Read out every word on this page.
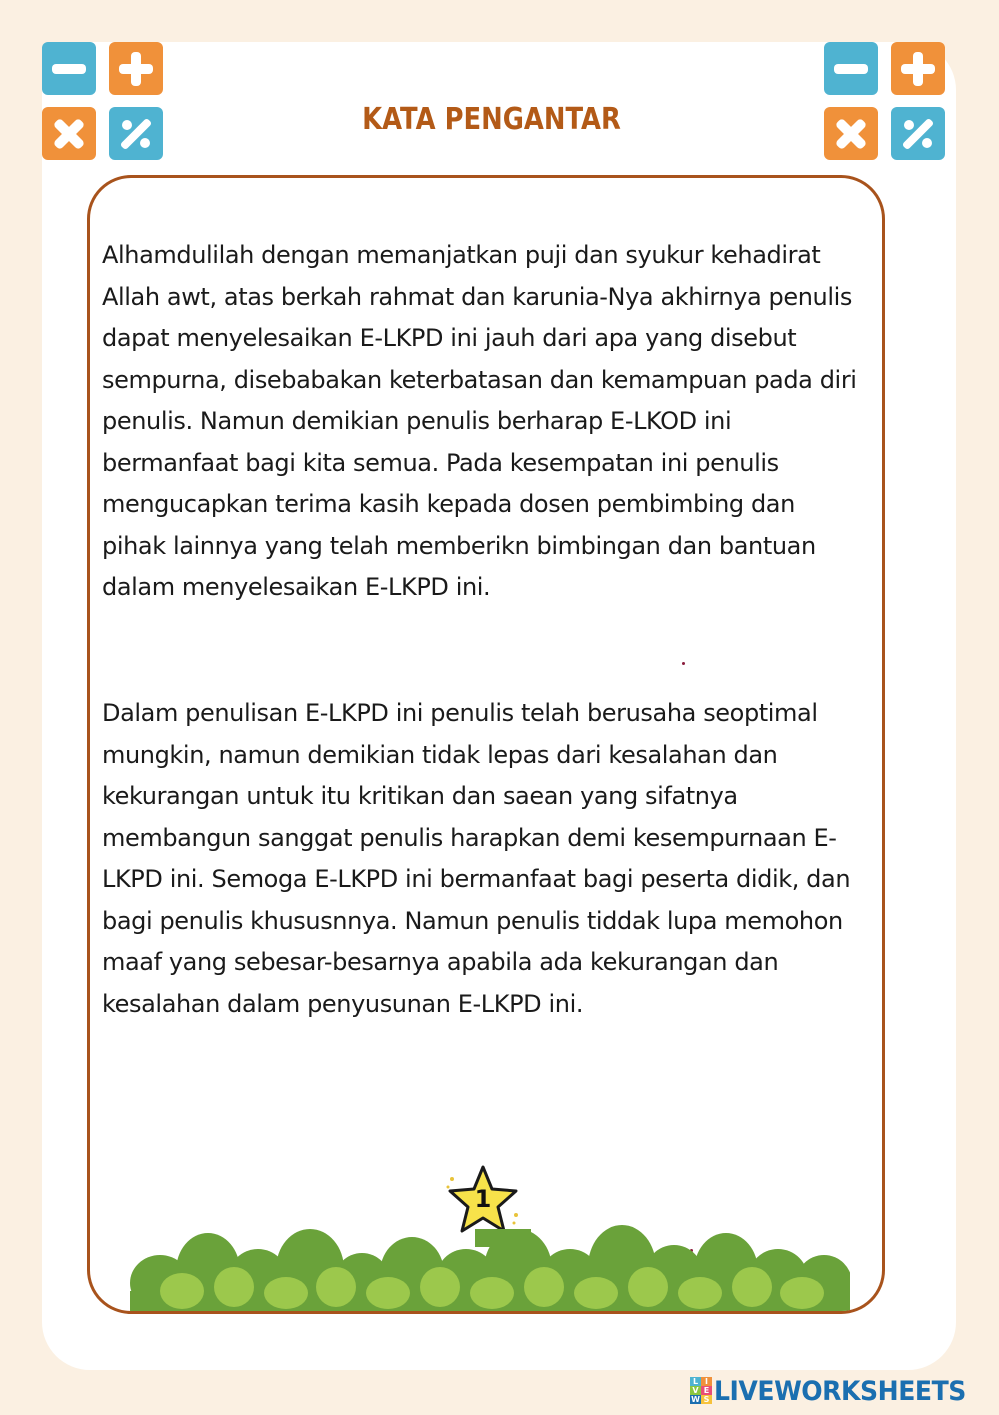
KATA PENGANTAR

Alhamdulilah dengan memanjatkan puji dan syukur kehadirat Allah awt, atas berkah rahmat dan karunia-Nya akhirnya penulis dapat menyelesaikan E-LKPD ini jauh dari apa yang disebut sempurna, disebabakan keterbatasan dan kemampuan pada diri penulis. Namun demikian penulis berharap E-LKOD ini bermanfaat bagi kita semua. Pada kesempatan ini penulis mengucapkan terima kasih kepada dosen pembimbing dan pihak lainnya yang telah memberikn bimbingan dan bantuan dalam menyelesaikan E-LKPD ini.

Dalam penulisan E-LKPD ini penulis telah berusaha seoptimal mungkin, namun demikian tidak lepas dari kesalahan dan kekurangan untuk itu kritikan dan saean yang sifatnya membangun sanggat penulis harapkan demi kesempurnaan E-LKPD ini. Semoga E-LKPD ini bermanfaat bagi peserta didik, dan bagi penulis khususnnya. Namun penulis tiddak lupa memohon maaf yang sebesar-besarnya apabila ada kekurangan dan kesalahan dalam penyusunan E-LKPD ini.

1
L I
V E
W S LIVEWORKSHEETS
